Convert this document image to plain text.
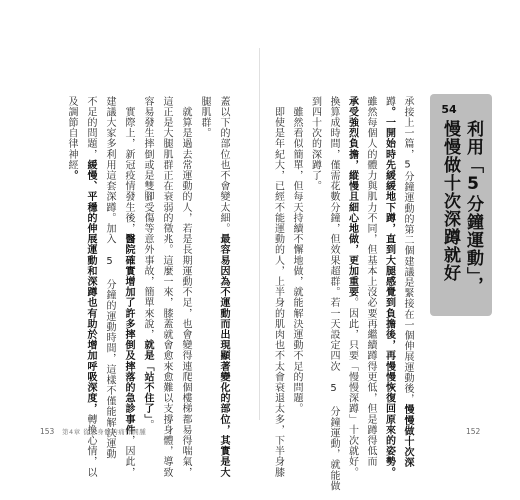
蓋以下的部位也不會變太細。最容易因為不運動而出現顯著變化的部位，其實是大
腿肌群。
　就算是過去常運動的人，若是長期運動不足，也會變得連爬個樓梯都易得喘氣，
這正是大腿肌群正在衰弱的徵兆。這麼一來，膝蓋就會愈來愈難以支撐身體，導致
容易發生摔倒或是雙腳受傷等意外事故，簡單來說，就是「站不住了」。
　實際上，新冠疫情發生後，醫院確實增加了許多摔倒及摔落的急診事件，因此，
建議大家多利用這套深蹲。加入 5 分鐘的運動時間，這樣不僅能解決運動
不足的問題，緩慢、平穩的伸展運動和深蹲也有助於增加呼吸深度，轉換心情，以
及調節自律神經。
153 第4章 從意身體的痛作開腫
承接上一篇，5分鐘運動的第二個建議是緊接在一個伸展運動後，慢慢做十次深
蹲。一開始時先緩緩地下蹲，直到大腿感覺到負擔後，再慢慢恢復回原來的姿勢。
雖然每個人的體力與肌力不同，但基本上沒必要再繼續蹲得更低，但是蹲得低而
承受強烈負擔，縱慢且細心地做，更加重要。因此，只要「慢慢深蹲」十次就好。
換算成時間，僅需花數分鐘，但效果超群。若一天設定四次 5 分鐘運動，就能做
到四十次的深蹲了。
　雖然看似簡單，但每天持續不懈地做，就能解決運動不足的問題。
　即使是年紀大，已經不能運動的人，上半身的肌肉也不太會衰退太多，下半身膝	152
54
利用「5分鐘運動」，
慢慢做十次深蹲就好
